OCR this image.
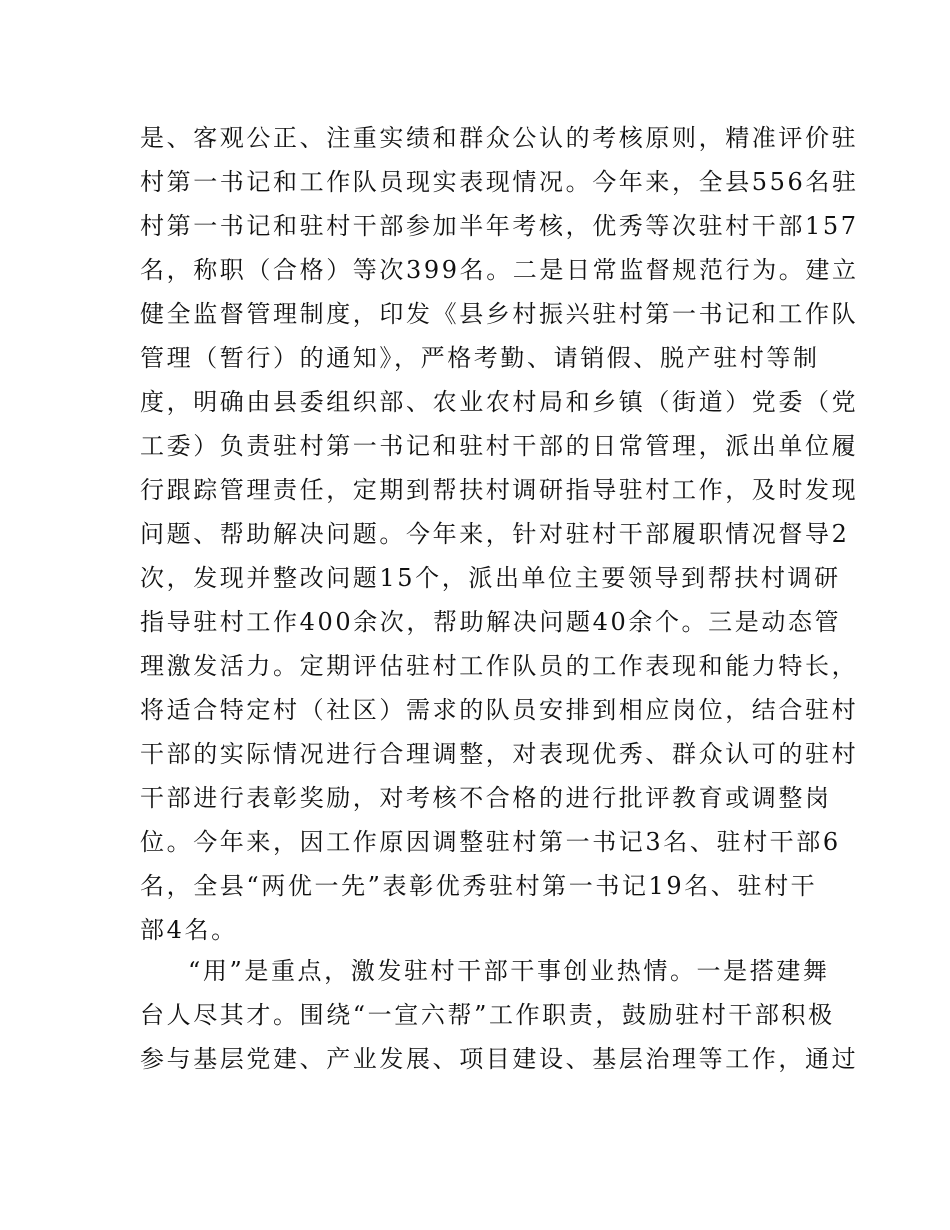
是、客观公正、注重实绩和群众公认的考核原则，精准评价驻
村第一书记和工作队员现实表现情况。今年来，全县556名驻
村第一书记和驻村干部参加半年考核，优秀等次驻村干部157
名，称职（合格）等次399名。二是日常监督规范行为。建立
健全监督管理制度，印发《县乡村振兴驻村第一书记和工作队
管理（暂行）的通知》，严格考勤、请销假、脱产驻村等制
度，明确由县委组织部、农业农村局和乡镇（街道）党委（党
工委）负责驻村第一书记和驻村干部的日常管理，派出单位履
行跟踪管理责任，定期到帮扶村调研指导驻村工作，及时发现
问题、帮助解决问题。今年来，针对驻村干部履职情况督导2
次，发现并整改问题15个，派出单位主要领导到帮扶村调研
指导驻村工作400余次，帮助解决问题40余个。三是动态管
理激发活力。定期评估驻村工作队员的工作表现和能力特长，
将适合特定村（社区）需求的队员安排到相应岗位，结合驻村
干部的实际情况进行合理调整，对表现优秀、群众认可的驻村
干部进行表彰奖励，对考核不合格的进行批评教育或调整岗
位。今年来，因工作原因调整驻村第一书记3名、驻村干部6
名，全县“两优一先”表彰优秀驻村第一书记19名、驻村干
部4名。
“用”是重点，激发驻村干部干事创业热情。一是搭建舞
台人尽其才。围绕“一宣六帮”工作职责，鼓励驻村干部积极
参与基层党建、产业发展、项目建设、基层治理等工作，通过
